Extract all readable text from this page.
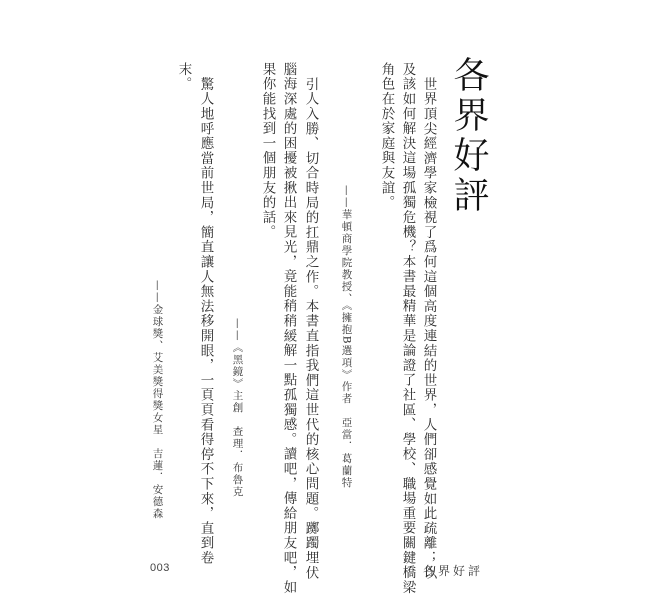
各界好評
世界頂尖經濟學家檢視了爲何這個高度連結的世界，人們卻感覺如此疏離；以
及該如何解決這場孤獨危機？本書最精華是論證了社區、學校、職場重要關鍵橋梁
角色在於家庭與友誼。
——華頓商學院教授、《擁抱B選項》作者　亞當．葛蘭特
引人入勝、切合時局的扛鼎之作。本書直指我們這世代的核心問題。躑躅埋伏
腦海深處的困擾被揪出來見光，竟能稍稍緩解一點孤獨感。讀吧，傳給朋友吧，如
果你能找到一個朋友的話。
——《黑鏡》主創　查理．布魯克
驚人地呼應當前世局，簡直讓人無法移開眼，一頁頁看得停不下來，直到卷
末。
——金球獎、艾美獎得獎女星　吉蓮．安德森
003	各界好評
